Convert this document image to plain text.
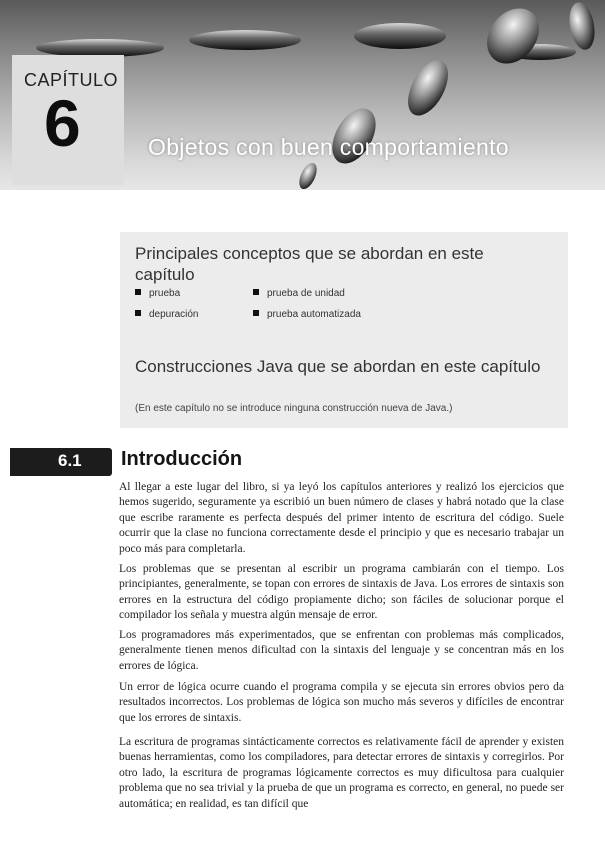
CAPÍTULO
6	Objetos con buen comportamiento
Principales conceptos que se abordan en este capítulo
prueba	prueba de unidad
depuración	prueba automatizada
Construcciones Java que se abordan en este capítulo
(En este capítulo no se introduce ninguna construcción nueva de Java.)
6.1 Introducción

Al llegar a este lugar del libro, si ya leyó los capítulos anteriores y realizó los ejercicios que hemos sugerido, seguramente ya escribió un buen número de clases y habrá notado que la clase que escribe raramente es perfecta después del primer intento de escritura del código. Suele ocurrir que la clase no funciona correctamente desde el principio y que es necesario trabajar un poco más para completarla.

Los problemas que se presentan al escribir un programa cambiarán con el tiempo. Los principiantes, generalmente, se topan con errores de sintaxis de Java. Los errores de sintaxis son errores en la estructura del código propiamente dicho; son fáciles de solucionar porque el compilador los señala y muestra algún mensaje de error.

Los programadores más experimentados, que se enfrentan con problemas más complicados, generalmente tienen menos dificultad con la sintaxis del lenguaje y se concentran más en los errores de lógica.

Un error de lógica ocurre cuando el programa compila y se ejecuta sin errores obvios pero da resultados incorrectos. Los problemas de lógica son mucho más severos y difíciles de encontrar que los errores de sintaxis.

La escritura de programas sintácticamente correctos es relativamente fácil de aprender y existen buenas herramientas, como los compiladores, para detectar errores de sintaxis y corregirlos. Por otro lado, la escritura de programas lógicamente correctos es muy dificultosa para cualquier problema que no sea trivial y la prueba de que un programa es correcto, en general, no puede ser automática; en realidad, es tan difícil que
